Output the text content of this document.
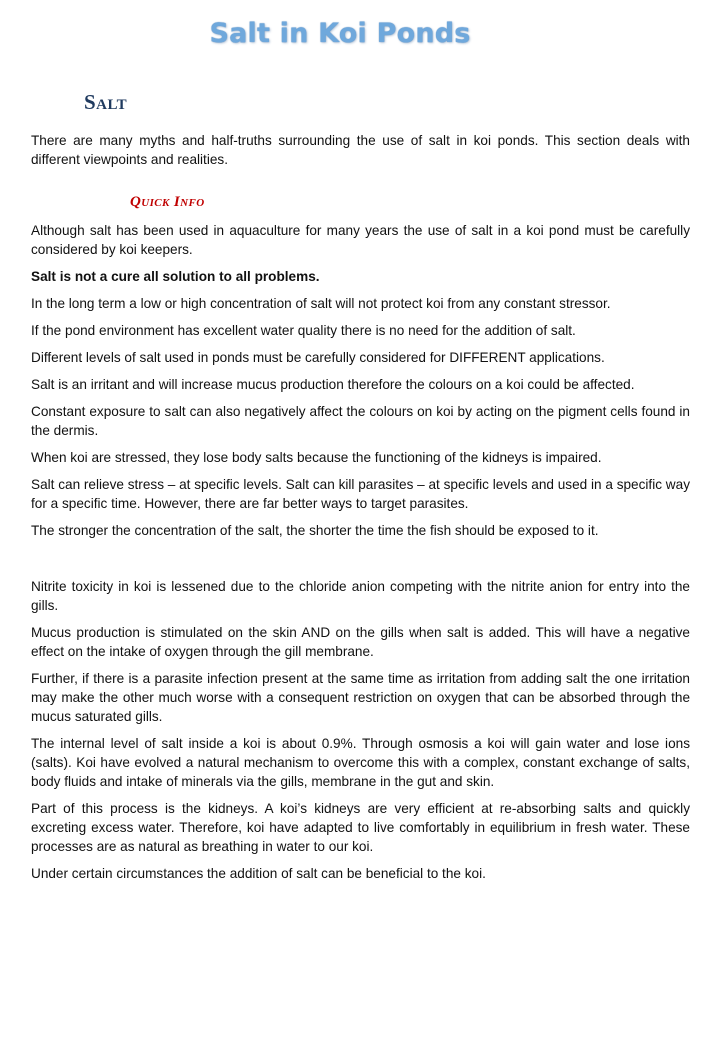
Salt in Koi Ponds
Salt

There are many myths and half-truths surrounding the use of salt in koi ponds. This section deals with different viewpoints and realities.

Quick Info

Although salt has been used in aquaculture for many years the use of salt in a koi pond must be carefully considered by koi keepers.

Salt is not a cure all solution to all problems.

In the long term a low or high concentration of salt will not protect koi from any constant stressor.

If the pond environment has excellent water quality there is no need for the addition of salt.

Different levels of salt used in ponds must be carefully considered for DIFFERENT applications.

Salt is an irritant and will increase mucus production therefore the colours on a koi could be affected.

Constant exposure to salt can also negatively affect the colours on koi by acting on the pigment cells found in the dermis.

When koi are stressed, they lose body salts because the functioning of the kidneys is impaired.

Salt can relieve stress – at specific levels. Salt can kill parasites – at specific levels and used in a specific way for a specific time. However, there are far better ways to target parasites.

The stronger the concentration of the salt, the shorter the time the fish should be exposed to it.

Nitrite toxicity in koi is lessened due to the chloride anion competing with the nitrite anion for entry into the gills.

Mucus production is stimulated on the skin AND on the gills when salt is added. This will have a negative effect on the intake of oxygen through the gill membrane.

Further, if there is a parasite infection present at the same time as irritation from adding salt the one irritation may make the other much worse with a consequent restriction on oxygen that can be absorbed through the mucus saturated gills.

The internal level of salt inside a koi is about 0.9%. Through osmosis a koi will gain water and lose ions (salts). Koi have evolved a natural mechanism to overcome this with a complex, constant exchange of salts, body fluids and intake of minerals via the gills, membrane in the gut and skin.

Part of this process is the kidneys. A koi’s kidneys are very efficient at re-absorbing salts and quickly excreting excess water. Therefore, koi have adapted to live comfortably in equilibrium in fresh water. These processes are as natural as breathing in water to our koi.

Under certain circumstances the addition of salt can be beneficial to the koi.
